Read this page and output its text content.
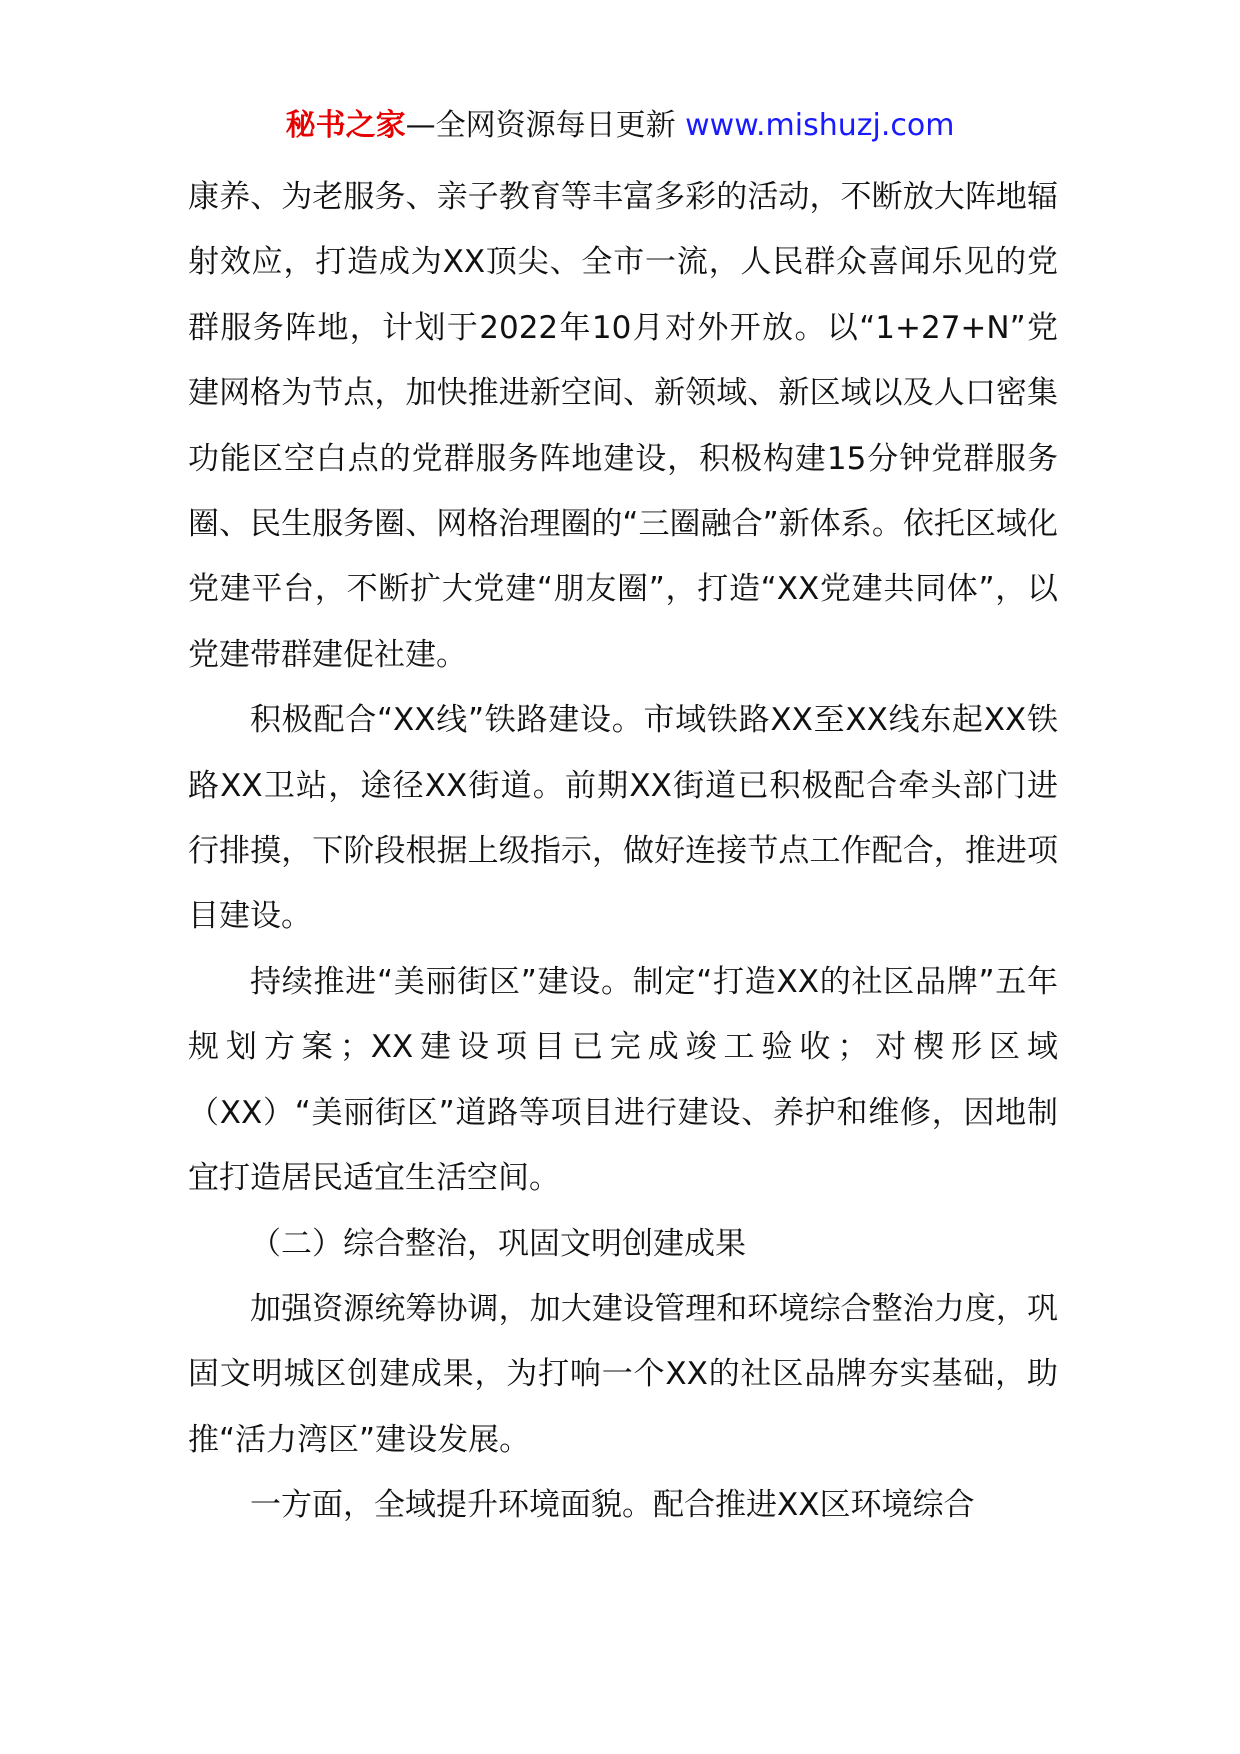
秘书之家—全网资源每日更新 www.mishuzj.com

康养、为老服务、亲子教育等丰富多彩的活动，不断放大阵地辐射效应，打造成为XX顶尖、全市一流，人民群众喜闻乐见的党群服务阵地，计划于2022年10月对外开放。以“1+27+N”党建网格为节点，加快推进新空间、新领域、新区域以及人口密集功能区空白点的党群服务阵地建设，积极构建15分钟党群服务圈、民生服务圈、网格治理圈的“三圈融合”新体系。依托区域化党建平台，不断扩大党建“朋友圈”，打造“XX党建共同体”，以党建带群建促社建。

积极配合“XX线”铁路建设。市域铁路XX至XX线东起XX铁路XX卫站，途径XX街道。前期XX街道已积极配合牵头部门进行排摸，下阶段根据上级指示，做好连接节点工作配合，推进项目建设。

持续推进“美丽街区”建设。制定“打造XX的社区品牌”五年规划方案；XX建设项目已完成竣工验收；对楔形区域（XX）“美丽街区”道路等项目进行建设、养护和维修，因地制宜打造居民适宜生活空间。

（二）综合整治，巩固文明创建成果

加强资源统筹协调，加大建设管理和环境综合整治力度，巩固文明城区创建成果，为打响一个XX的社区品牌夯实基础，助推“活力湾区”建设发展。

一方面，全域提升环境面貌。配合推进XX区环境综合
